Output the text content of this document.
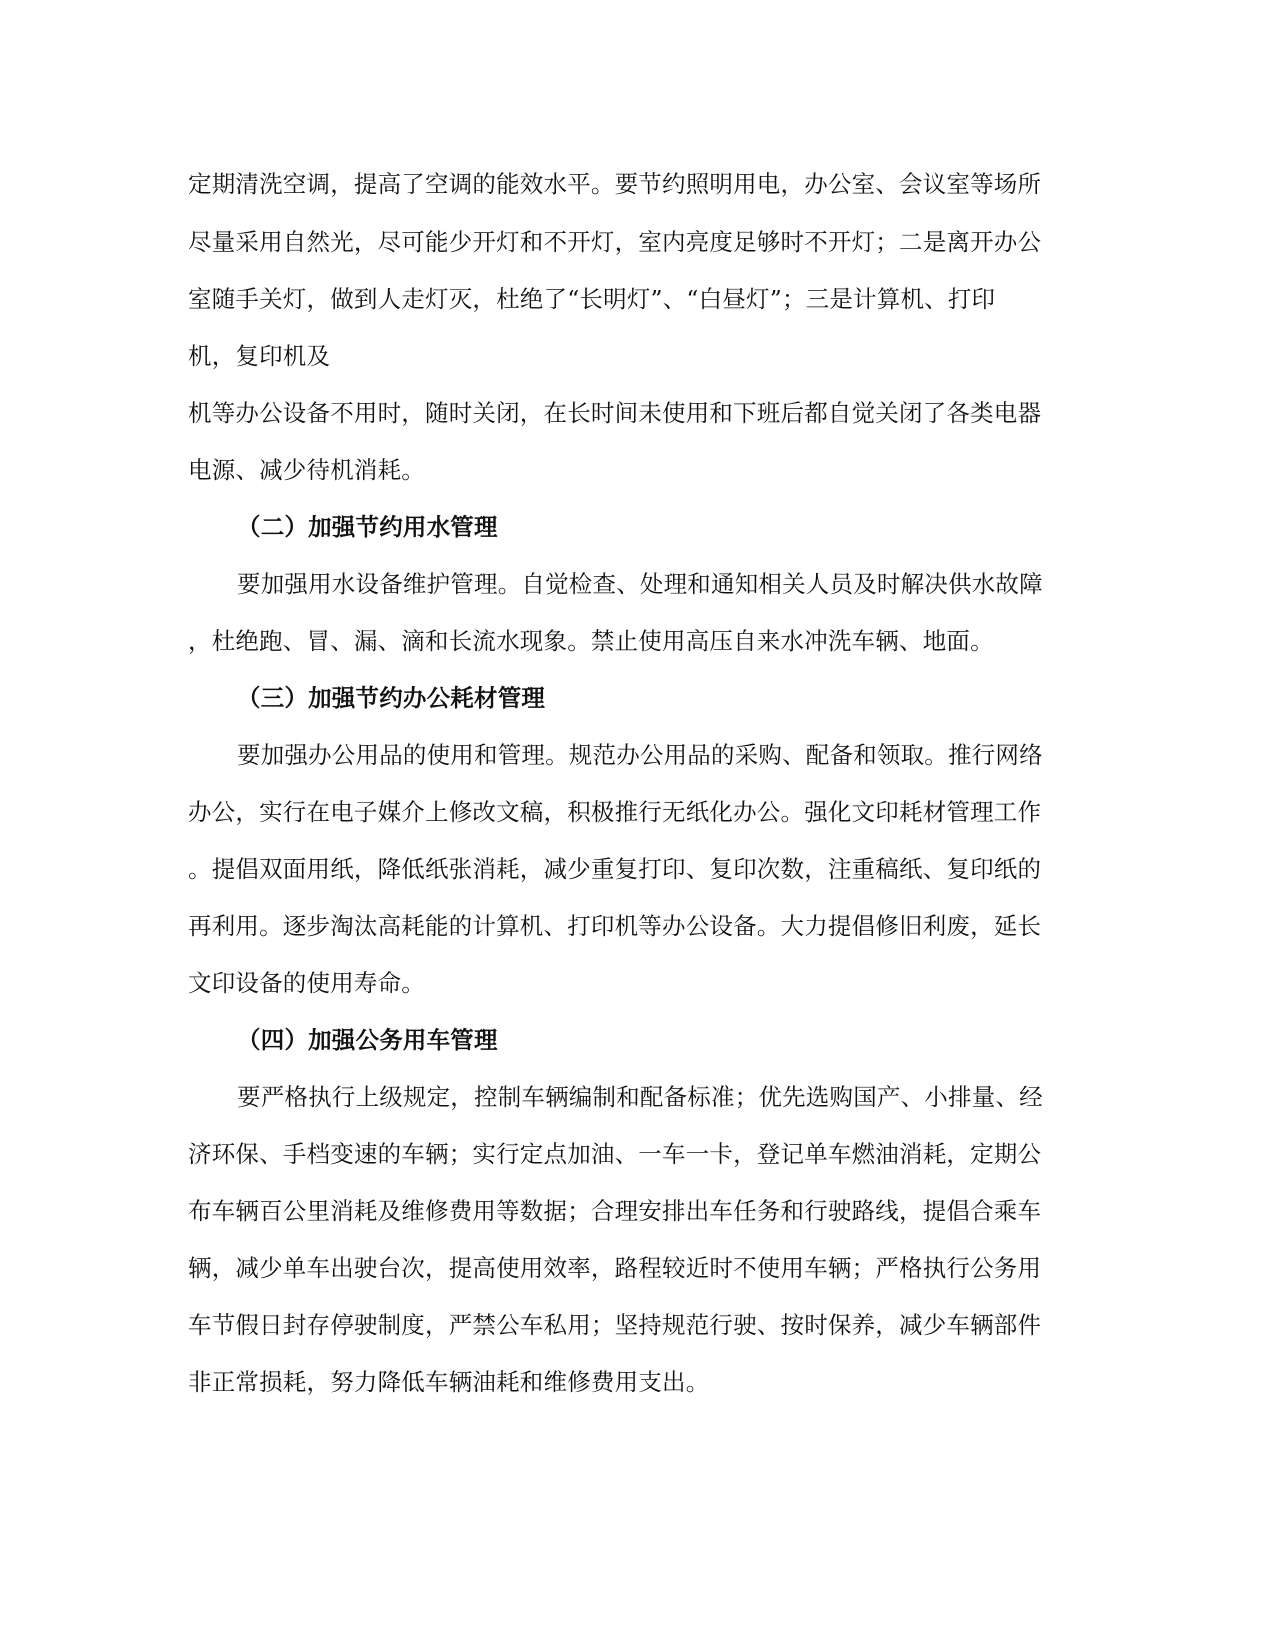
定期清洗空调，提高了空调的能效水平。要节约照明用电，办公室、会议室等场所
尽量采用自然光，尽可能少开灯和不开灯，室内亮度足够时不开灯；二是离开办公
室随手关灯，做到人走灯灭，杜绝了“长明灯”、“白昼灯”；三是计算机、打印
机，复印机及
机等办公设备不用时，随时关闭，在长时间未使用和下班后都自觉关闭了各类电器
电源、减少待机消耗。
（二）加强节约用水管理
要加强用水设备维护管理。自觉检查、处理和通知相关人员及时解决供水故障
，杜绝跑、冒、漏、滴和长流水现象。禁止使用高压自来水冲洗车辆、地面。
（三）加强节约办公耗材管理
要加强办公用品的使用和管理。规范办公用品的采购、配备和领取。推行网络
办公，实行在电子媒介上修改文稿，积极推行无纸化办公。强化文印耗材管理工作
。提倡双面用纸，降低纸张消耗，减少重复打印、复印次数，注重稿纸、复印纸的
再利用。逐步淘汰高耗能的计算机、打印机等办公设备。大力提倡修旧利废，延长
文印设备的使用寿命。
（四）加强公务用车管理
要严格执行上级规定，控制车辆编制和配备标准；优先选购国产、小排量、经
济环保、手档变速的车辆；实行定点加油、一车一卡，登记单车燃油消耗，定期公
布车辆百公里消耗及维修费用等数据；合理安排出车任务和行驶路线，提倡合乘车
辆，减少单车出驶台次，提高使用效率，路程较近时不使用车辆；严格执行公务用
车节假日封存停驶制度，严禁公车私用；坚持规范行驶、按时保养，减少车辆部件
非正常损耗，努力降低车辆油耗和维修费用支出。
